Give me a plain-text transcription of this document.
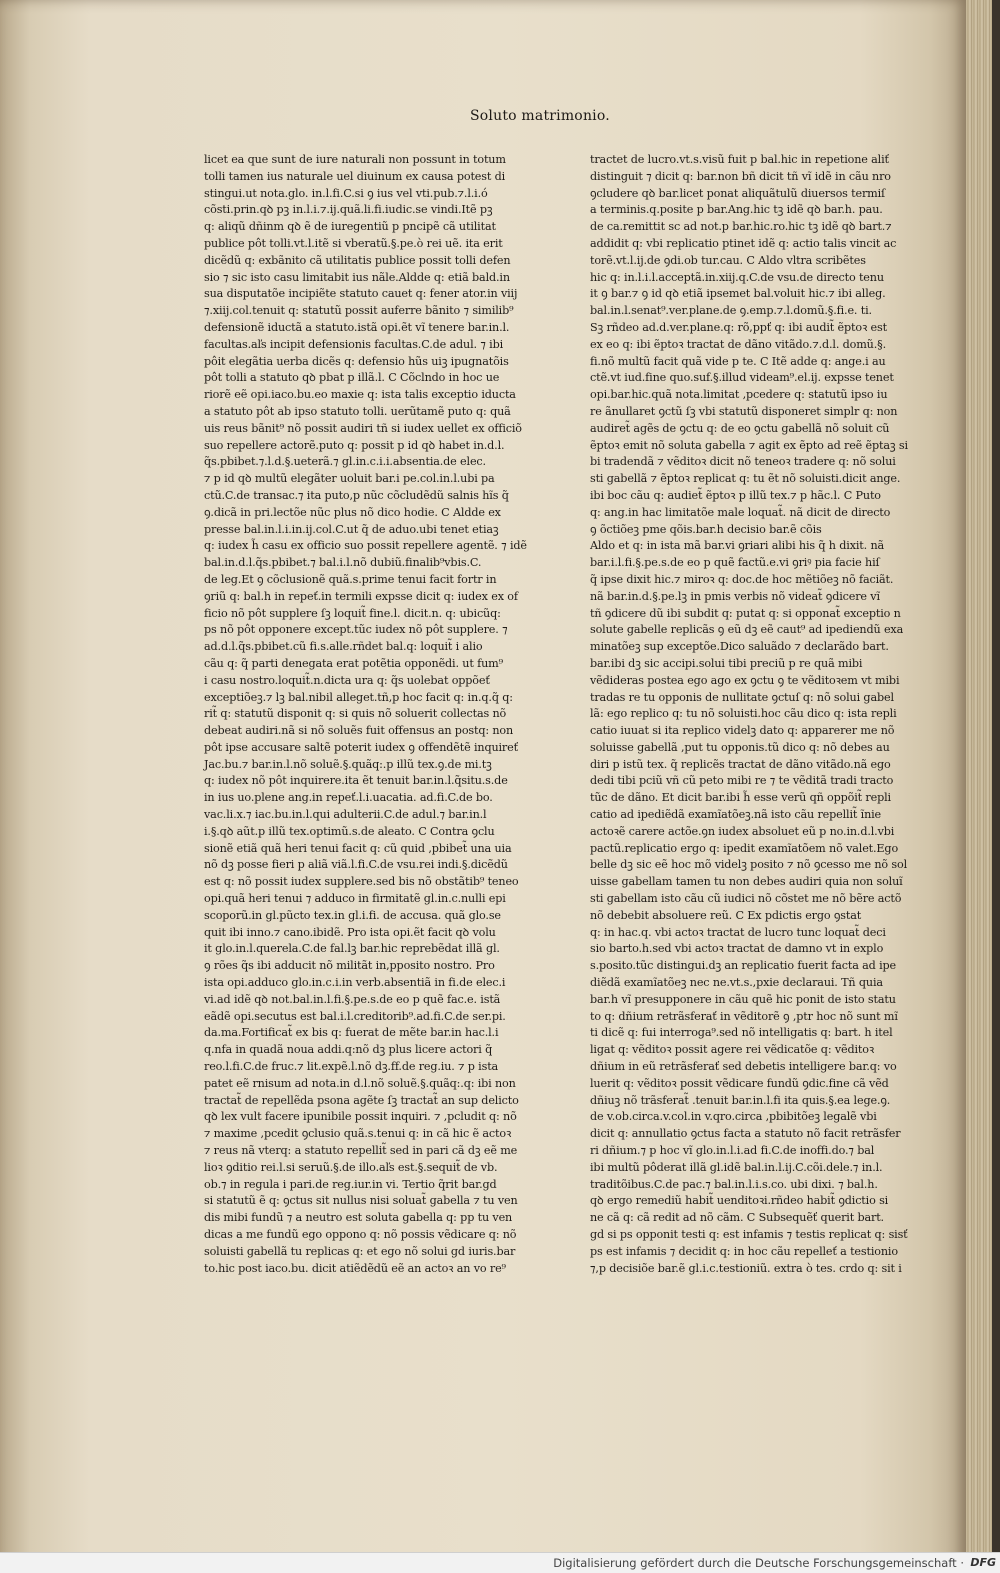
Soluto matrimonio.
licet ea que sunt de iure naturali non possunt in totum
tolli tamen ius naturale uel diuinum ex causa potest di
stingui.ut nota.glo. in.l.fi.C.si ꝯ ius vel vti.pub.⁊.l.i.ó
cõsti.prin.qꝺ pꝫ in.l.i.⁊.ij.quã.li.fi.iudic.se vindi.Itẽ pꝫ
q: aliqũ dñinm qꝺ ẽ de iuregentiũ p pncipẽ cã utilitat
publice pôt tolli.vt.l.itẽ si vberatũ.§.pe.ò rei uẽ. ita erit
dicẽdũ q: exbãnito cã utilitatis publice possit tolli defen
sio ⁊ sic isto casu limitabit ius nãle.Aldde q: etiã bald.in
sua disputatõe incipiẽte statuto cauet q: fener ator.in viij
⁊.xiij.col.tenuit q: statutũ possit auferre bãnito ⁊ similib⁹
defensionẽ iductã a statuto.istã opi.ẽt vĩ tenere bar.in.l.
facultas.aľs incipit defensionis facultas.C.de adul. ⁊ ibi
pôit elegãtia uerba dicẽs q: defensio hũs uiꝫ ipugnatõis
pôt tolli a statuto qꝺ pbat p illã.l. C Cõclndo in hoc ue
riorẽ eẽ opi.iaco.bu.eo maxie q: ista talis exceptio iducta
a statuto pôt ab ipso statuto tolli. uerũtamẽ puto q: quã
uis reus bãnit⁹ nõ possit audiri tñ si iudex uellet ex officiõ
suo repellere actorẽ.puto q: possit p id qꝺ habet in.d.l.
q̃s.pbibet.⁊.l.d.§.ueterã.⁊ gl.in.c.i.i.absentia.de elec.
⁊ p id qꝺ multũ elegãter uoluit bar.i pe.col.in.l.ubi pa
ctũ.C.de transac.⁊ ita puto,p nũc cõcludẽdũ salnis hĩs q̃
ꝯ.dicã in pri.lectõe nũc plus nõ dico hodie. C Aldde ex
presse bal.in.l.i.in.ij.col.C.ut q̃ de aduo.ubi tenet etiaꝫ
q: iudex h̃ casu ex officio suo possit repellere agentẽ. ⁊ idẽ
bal.in.d.l.q̃s.pbibet.⁊ bal.i.l.nõ dubiũ.finalib⁹vbis.C.
de leg.Et ꝯ cõclusionẽ quã.s.prime tenui facit fortr in
ꝯriũ q: bal.h in repeť.in termili expsse dicit q: iudex ex of
ficio nõ pôt supplere ſꝫ loquit̃ fine.l. dicit.n. q: ubicũq:
ps nõ pôt opponere except.tũc iudex nõ pôt supplere. ⁊
ad.d.l.q̃s.pbibet.cũ fi.s.alle.rñdet bal.q: loquit̃ i alio
cãu q: q̃ parti denegata erat potẽtia opponẽdi. ut fum⁹
i casu nostro.loquit̃.n.dicta ura q: q̃s uolebat oppõeť
exceptiõeꝫ.⁊ lꝫ bal.nibil alleget.tñ,p hoc facit q: in.q.q̃ q:
rit̃ q: statutũ disponit q: si quis nõ soluerit collectas nõ
debeat audiri.nã si nõ soluẽs fuit offensus an postq: non
pôt ipse accusare saltẽ poterit iudex ꝯ offendẽtẽ inquireť
Jac.bu.⁊ bar.in.l.nõ soluẽ.§.quãq:.p illũ tex.ꝯ.de mi.tꝫ
q: iudex nõ pôt inquirere.ita ẽt tenuit bar.in.l.q̃situ.s.de
in ius uo.plene ang.in repeť.l.i.uacatia. ad.fi.C.de bo.
vac.li.x.⁊ iac.bu.in.l.qui adulterii.C.de adul.⁊ bar.in.l
i.§.qꝺ aũt.p illũ tex.optimũ.s.de aleato. C Contra ꝯclu
sionẽ etiã quã heri tenui facit q: cũ quid ,pbibet̃ una uia
nõ dꝫ posse fieri p aliã viã.l.fi.C.de vsu.rei indi.§.dicẽdũ
est q: nõ possit iudex supplere.sed bis nõ obstãtib⁹ teneo
opi.quã heri tenui ⁊ adduco in firmitatẽ gl.in.c.nulli epi
scoporũ.in gl.pũcto tex.in gl.i.fi. de accusa. quã glo.se
quit ibi inno.⁊ cano.ibidẽ. Pro ista opi.ẽt facit qꝺ volu
it glo.in.l.querela.C.de fal.lꝫ bar.hic reprebẽdat illã gl.
ꝯ rões q̃s ibi adducit nõ militãt in,pposito nostro. Pro
ista opi.adduco glo.in.c.i.in verb.absentiã in fi.de elec.i
vi.ad idẽ qꝺ not.bal.in.l.fi.§.pe.s.de eo p quẽ fac.e. istã
eãdẽ opi.secutus est bal.i.l.creditorib⁹.ad.fi.C.de ser.pi.
da.ma.Fortificat̃ ex bis q: fuerat de mẽte bar.in hac.l.i
q.nfa in quadã noua addi.q:nõ dꝫ plus licere actori q̃
reo.l.fi.C.de fruc.⁊ lit.expẽ.l.nõ dꝫ.ff.de reg.iu. ⁊ p ista
patet eẽ rnisum ad nota.in d.l.nõ soluẽ.§.quãq:.q: ibi non
tractat̃ de repellẽda psona agẽte ſꝫ tractat̃ an sup delicto
qꝺ lex vult facere ipunibile possit inquiri. ⁊ ,pcludit q: nõ
⁊ maxime ,pcedit ꝯclusio quã.s.tenui q: in cã hic ẽ actoꝛ
⁊ reus nã vterq: a statuto repellit̃ sed in pari cã dꝫ eẽ me
lioꝛ ꝯditio rei.l.si seruũ.§.de illo.aľs est.§.sequit̃ de vb.
ob.⁊ in regula i pari.de reg.iur.in vi. Tertio q̃rit bar.gd
si statutũ ẽ q: ꝯctus sit nullus nisi soluat̃ gabella ⁊ tu ven
dis mibi fundũ ⁊ a neutro est soluta gabella q: pp tu ven
dicas a me fundũ ego oppono q: nõ possis vẽdicare q: nõ
soluisti gabellã tu replicas q: et ego nõ solui gd iuris.bar
to.hic post iaco.bu. dicit atiẽdẽdũ eẽ an actoꝛ an vo re⁹
tractet de lucro.vt.s.visũ fuit p bal.hic in repetione aliť
distinguit ⁊ dicit q: bar.non bñ dicit tñ vĩ idẽ in cãu nro
ꝯcludere qꝺ bar.licet ponat aliquãtulũ diuersos termiſ
a terminis.q.posite p bar.Ang.hic tꝫ idẽ qꝺ bar.h. pau.
de ca.remittit sc ad not.p bar.hic.ro.hic tꝫ idẽ qꝺ bart.⁊
addidit q: vbi replicatio ptinet idẽ q: actio talis vincit ac
torẽ.vt.l.ij.de ꝯdi.ob tur.cau. C Aldo vltra scribẽtes
hic q: in.l.i.l.acceptã.in.xiij.q.C.de vsu.de directo tenu
it ꝯ bar.⁊ ꝯ id qꝺ etiã ipsemet bal.voluit hic.⁊ ibi alleg.
bal.in.l.senat⁹.ver.plane.de ꝯ.emp.⁊.l.domũ.§.fi.e. ti.
Sꝫ rñdeo ad.d.ver.plane.q: rõ,ppť q: ibi audit̃ ẽptoꝛ est
ex eo q: ibi ẽptoꝛ tractat de dãno vitãdo.⁊.d.l. domũ.§.
fi.nõ multũ facit quã vide p te. C Itẽ adde q: ange.i au
ctẽ.vt iud.fine quo.suf.§.illud videam⁹.el.ij. expsse tenet
opi.bar.hic.quã nota.limitat ,pcedere q: statutũ ipso iu
re ãnullaret ꝯctũ ſꝫ vbi statutũ disponeret simplr q: non
audiret̃ agẽs de ꝯctu q: de eo ꝯctu gabellã nõ soluit cũ
ẽptoꝛ emit nõ soluta gabella ⁊ agit ex ẽpto ad reẽ ẽptaꝫ si
bi tradendã ⁊ vẽditoꝛ dicit nõ teneoꝛ tradere q: nõ solui
sti gabellã ⁊ ẽptoꝛ replicat q: tu ẽt nõ soluisti.dicit ange.
ibi boc cãu q: audiet̃ ẽptoꝛ p illũ tex.⁊ p hãc.l. C Puto
q: ang.in hac limitatõe male loquat̃. nã dicit de directo
ꝯ õctiõeꝫ pme qõis.bar.h decisio bar.ẽ cõis
Aldo et q: in ista mã bar.vi ꝯriari alibi his q̃ h dixit. nã
bar.i.l.fi.§.pe.s.de eo p quẽ factũ.e.vi ꝯriꝰ pia facie hiſ
q̃ ipse dixit hic.⁊ miroꝛ q: doc.de hoc mẽtiõeꝫ nõ faciãt.
nã bar.in.d.§.pe.lꝫ in pmis verbis nõ videat̃ ꝯdicere vĩ
tñ ꝯdicere dũ ibi subdit q: putat q: si opponat̃ exceptio n
solute gabelle replicãs ꝯ eũ dꝫ eẽ caut⁹ ad ipediendũ exa
minatõeꝫ sup exceptõe.Dico saluãdo ⁊ declarãdo bart.
bar.ibi dꝫ sic accipi.solui tibi preciũ p re quã mibi
vẽdideras postea ego ago ex ꝯctu ꝯ te vẽditoꝛem vt mibi
tradas re tu opponis de nullitate ꝯctuſ q: nõ solui gabel
lã: ego replico q: tu nõ soluisti.hoc cãu dico q: ista repli
catio iuuat si ita replico videlꝫ dato q: apparerer me nõ
soluisse gabellã ,put tu opponis.tũ dico q: nõ debes au
diri p istũ tex. q̃ replicẽs tractat de dãno vitãdo.nã ego
dedi tibi pciũ vñ cũ peto mibi re ⁊ te vẽditã tradi tracto
tũc de dãno. Et dicit bar.ibi h̃ esse verũ qñ oppõit̃ repli
catio ad ipediẽdã examĩatõeꝫ.nã isto cãu repellit̃ ĩnie
actoꝛẽ carere actõe.ꝯn iudex absoluet eũ p no.in.d.l.vbi
pactũ.replicatio ergo q: ipedit examĩatõem nõ valet.Ego
belle dꝫ sic eẽ hoc mõ videlꝫ posito ⁊ nõ ꝯcesso me nõ sol
uisse gabellam tamen tu non debes audiri quia non soluĩ
sti gabellam isto cãu cũ iudici nõ cõstet me nõ bẽre actõ
nõ debebit absoluere reũ. C Ex pdictis ergo ꝯstat
q: in hac.q. vbi actoꝛ tractat de lucro tunc loquat̃ deci
sio barto.h.sed vbi actoꝛ tractat de damno vt in explo
s.posito.tũc distingui.dꝫ an replicatio fuerit facta ad ipe
diẽdã examĩatõeꝫ nec ne.vt.s.,pxie declaraui. Tñ quia
bar.h vĩ presupponere in cãu quẽ hic ponit de isto statu
to q: dñium retrãsferať in vẽditorẽ ꝯ ,ptr hoc nõ sunt mĩ
ti dicẽ q: fui interroga⁹.sed nõ intelligatis q: bart. h itel
ligat q: vẽditoꝛ possit agere rei vẽdicatõe q: vẽditoꝛ
dñium in eũ retrãsferať sed debetis intelligere bar.q: vo
luerit q: vẽditoꝛ possit vẽdicare fundũ ꝯdic.fine cã vẽd
dñiuꝫ nõ trãsferat̃ .tenuit bar.in.l.fi ita quis.§.ea lege.ꝯ.
de v.ob.circa.v.col.in v.qro.circa ,pbibitõeꝫ legalẽ vbi
dicit q: annullatio ꝯctus facta a statuto nõ facit retrãsfer
ri dñium.⁊ p hoc vĩ glo.in.l.i.ad fi.C.de inoffi.do.⁊ bal
ibi multũ pôderat illã gl.idẽ bal.in.l.ij.C.cõi.dele.⁊ in.l.
traditõibus.C.de pac.⁊ bal.in.l.i.s.co. ubi dixi. ⁊ bal.h.
qꝺ ergo remediũ habit̃ uenditoꝛi.rñdeo habit̃ ꝯdictio si
ne cã q: cã redit ad nõ cãm. C Subsequẽť querit bart.
gd si ps opponit testi q: est infamis ⁊ testis replicat q: sisť
ps est infamis ⁊ decidit q: in hoc cãu repelleť a testionio
⁊,p decisiõe bar.ẽ gl.i.c.testioniũ. extra ò tes. crdo q: sit i
Digitalisierung gefördert durch die Deutsche Forschungsgemeinschaft · DFG
